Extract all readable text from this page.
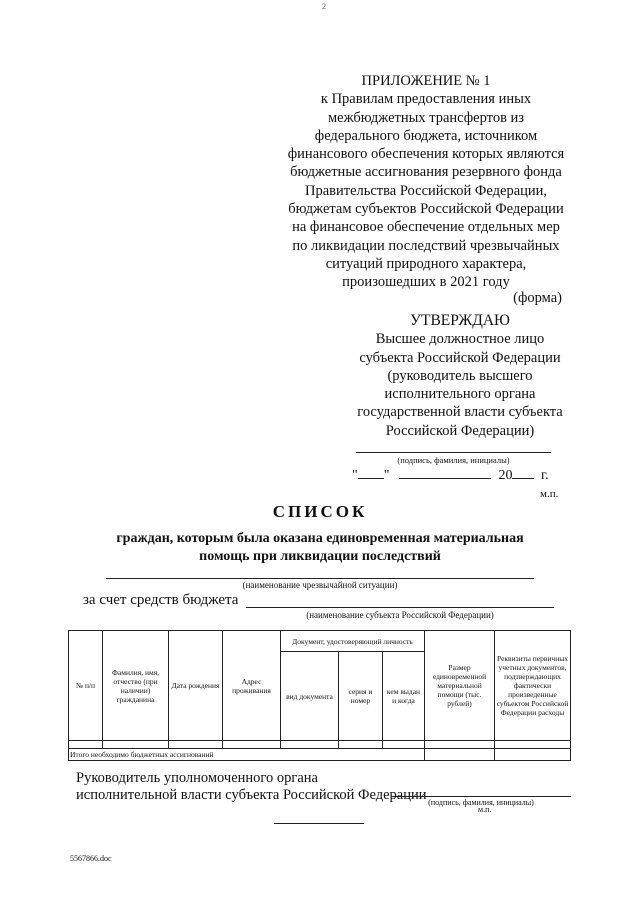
2
ПРИЛОЖЕНИЕ № 1
к Правилам предоставления иных
межбюджетных трансфертов из
федерального бюджета, источником
финансового обеспечения которых являются
бюджетные ассигнования резервного фонда
Правительства Российской Федерации,
бюджетам субъектов Российской Федерации
на финансовое обеспечение отдельных мер
по ликвидации последствий чрезвычайных
ситуаций природного характера,
произошедших в 2021 году
(форма)
УТВЕРЖДАЮ
Высшее должностное лицо
субъекта Российской Федерации
(руководитель высшего
исполнительного органа
государственной власти субъекта
Российской Федерации)
(подпись, фамилия, инициалы)
" "	20 г.
м.п.
СПИСОК
граждан, которым была оказана единовременная материальная
помощь при ликвидации последствий
(наименование чрезвычайной ситуации)
за счет средств бюджета
(наименование субъекта Российской Федерации)
№ п/п	Фамилия, имя, отчество (при наличии) гражданина	Дата рождения	Адрес проживания	Документ, удостоверяющий личность			Размер единовременной материальной помощи (тыс. рублей)	Реквизиты первичных учетных документов, подтверждающих фактически произведенные субъектом Российской Федерации расходы
				вид документа	серия и номер	кем выдан и когда		

Итого необходимо бюджетных ассигнований								
Руководитель уполномоченного органа
исполнительной власти субъекта Российской Федерации (подпись, фамилия, инициалы)
м.п.
5567866.doc
